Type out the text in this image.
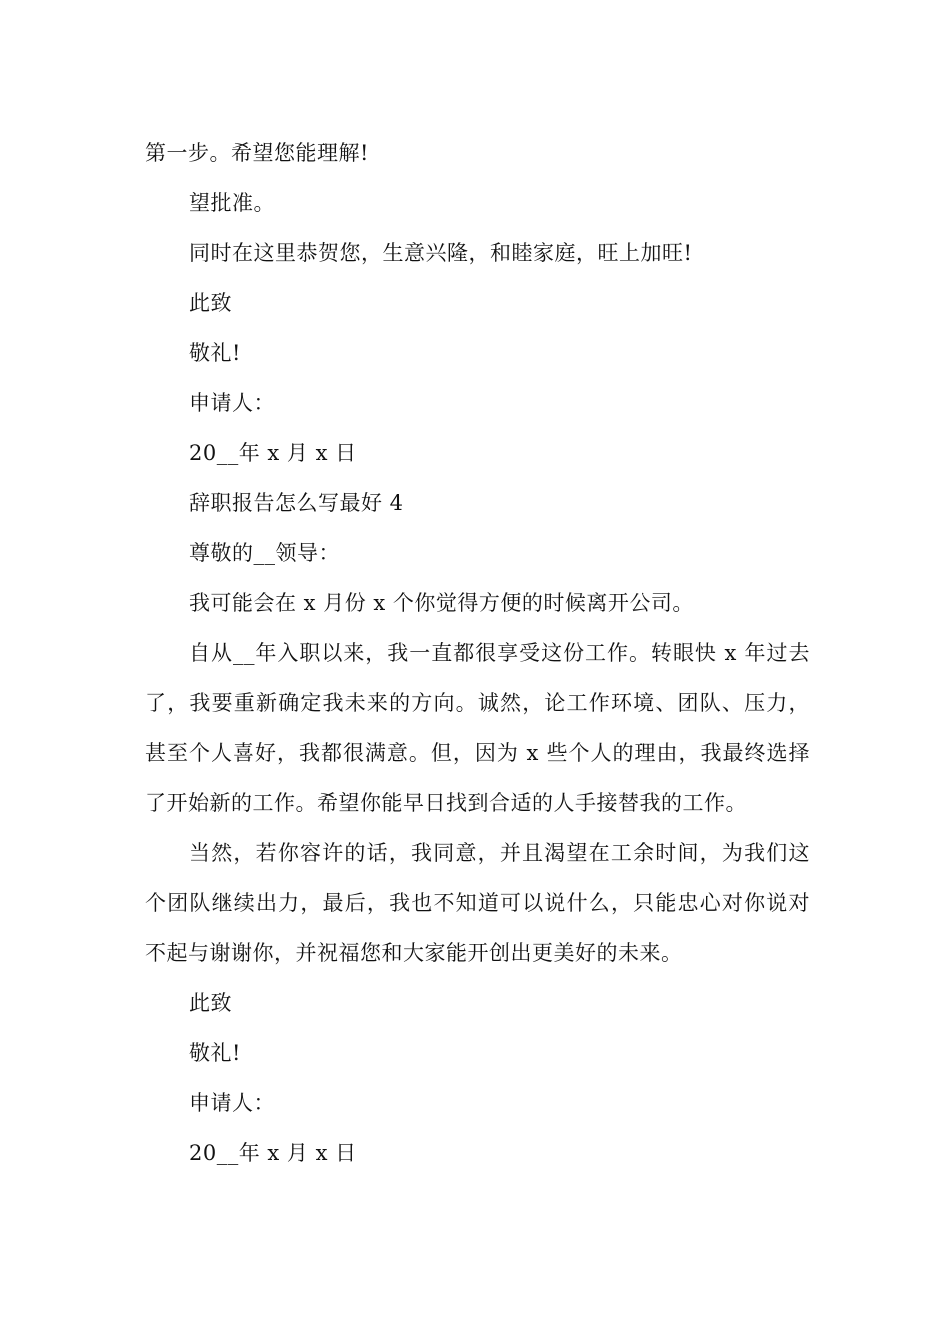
第一步。希望您能理解!

望批准。

同时在这里恭贺您，生意兴隆，和睦家庭，旺上加旺!

此致

敬礼!

申请人：

20__年 x 月 x 日

辞职报告怎么写最好 4

尊敬的__领导：

我可能会在 x 月份 x 个你觉得方便的时候离开公司。

自从__年入职以来，我一直都很享受这份工作。转眼快 x 年过去了，我要重新确定我未来的方向。诚然，论工作环境、团队、压力，甚至个人喜好，我都很满意。但，因为 x 些个人的理由，我最终选择了开始新的工作。希望你能早日找到合适的人手接替我的工作。

当然，若你容许的话，我同意，并且渴望在工余时间，为我们这个团队继续出力，最后，我也不知道可以说什么，只能忠心对你说对不起与谢谢你，并祝福您和大家能开创出更美好的未来。

此致

敬礼!

申请人：

20__年 x 月 x 日
